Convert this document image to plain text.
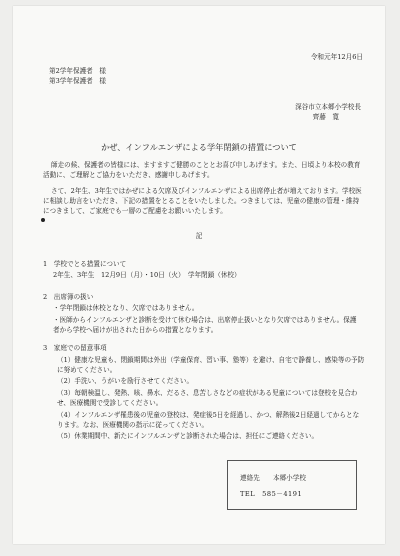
令和元年12月6日
第2学年保護者　様
第3学年保護者　様
深谷市立本郷小学校長
齊藤　寛
かぜ、インフルエンザによる学年閉鎖の措置について
師走の候、保護者の皆様には、ますますご健勝のこととお喜び申しあげます。また、日頃より本校の教育活動に、ご理解とご協力をいただき、感謝申しあげます。
さて、2年生、3年生ではかぜによる欠席及びインフルエンザによる出席停止者が増えております。学校医に相談し助言をいただき、下記の措置をとることをいたしました。つきましては、児童の健康の管理・維持につきまして、ご家庭でも一層のご配慮をお願いいたします。
記
1　学校でとる措置について
2年生、3年生　12月9日（月）・10日（火）　学年閉鎖（休校）
2　出席簿の扱い
・学年閉鎖は休校となり、欠席ではありません。
・医師からインフルエンザと診断を受けて休む場合は、出席停止扱いとなり欠席ではありません。保護者から学校へ届けが出された日からの措置となります。
3　家庭での留意事項
（1）健康な児童も、閉鎖期間は外出（学童保育、習い事、塾等）を避け、自宅で静養し、感染等の予防に努めてください。
（2）手洗い、うがいを励行させてください。
（3）毎朝検温し、発熱、咳、鼻水、だるさ、息苦しさなどの症状がある児童については登校を見合わせ、医療機関で受診してください。
（4）インフルエンザ罹患後の児童の登校は、発症後5日を経過し、かつ、解熱後2日経過してからとなります。なお、医療機関の指示に従ってください。
（5）休業期間中、新たにインフルエンザと診断された場合は、担任にご連絡ください。
連絡先　　本郷小学校
TEL　585－4191
